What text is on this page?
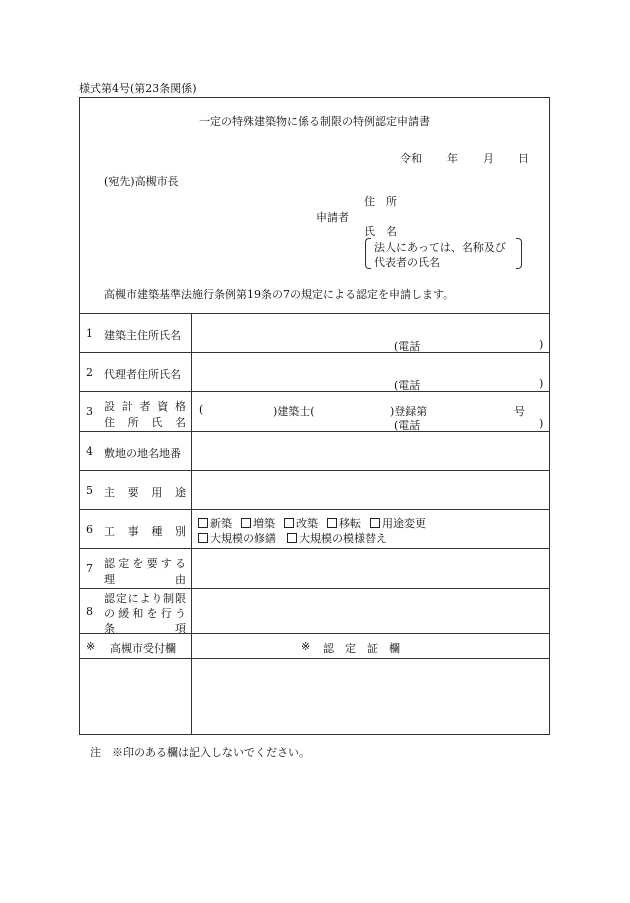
様式第4号(第23条関係)
一定の特殊建築物に係る制限の特例認定申請書
令和 年 月 日
(宛先)高槻市長
住　所
申請者
氏　名
法人にあっては、名称及び
代表者の氏名
高槻市建築基準法施行条例第19条の7の規定による認定を申請します。
1 建築主住所氏名
(電話	)
2 代理者住所氏名
(電話	)
3 設 計 者 資 格
住 所 氏 名
(	)建築士(	)登録第	号
(電話	)
4 敷地の地名地番
5 主 要 用 途
6 工 事 種 別
新築 増築 改築 移転 用途変更
大規模の修繕 大規模の模様替え
7 認 定 を 要 す る
理	由
8
認 定 に よ り 制 限
の 緩 和 を 行 う
条	項
※ 高槻市受付欄	※ 認　定　証　欄
注　※印のある欄は記入しないでください。
